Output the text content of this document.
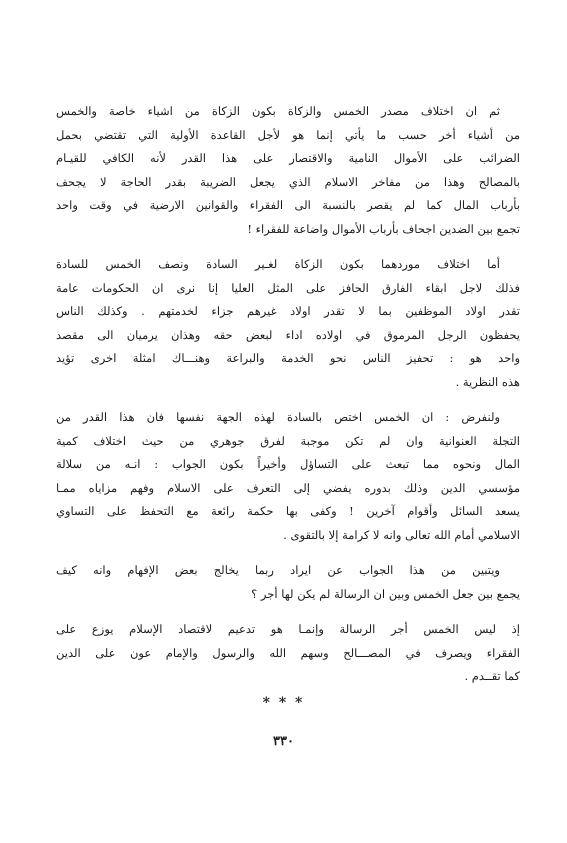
ثم ان اختلاف مصدر الخمس والزكاة بكون الزكاة من اشياء خاصة والخمس
من أشياء أخر حسب ما يأتي إنما هو لأجل القاعدة الأولية التي تقتضي بحمل
الضرائب على الأموال النامية والاقتصار على هذا القدر لأنه الكافي للقيـام
بالمصالح وهذا من مفاخر الاسلام الذي يجعل الضريبة بقدر الحاجة لا يجحف
بأرباب المال كما لم يقصر بالنسبة الى الفقراء والقوانين الارضية في وقت واحد
تجمع بين الضدين اجحاف بأرباب الأموال واضاعة للفقراء !
أما اختلاف موردهما بكون الزكاة لغـير السادة ونصف الخمس للسادة
فذلك لاجل ابقاء الفارق الحافز على المثل العليا إنا نرى ان الحكومات عامة
تقدر اولاد الموظفين بما لا تقدر اولاد غيرهم جزاء لخدمتهم . وكذلك الناس
يحفظون الرجل المرموق في اولاده اداء لبعض حقه وهذان يرميان الى مقصد
واحد هو : تحفيز الناس نحو الخدمة والبراعة وهنـــاك امثلة اخرى تؤيد
هذه النظرية .
ولنفرض : ان الخمس اختص بالسادة لهذه الجهة نفسها فان هذا القدر من
التجلة العنوانية وان لم تكن موجبة لفرق جوهري من حيث اختلاف كمية
المال ونحوه مما تبعث على التساؤل وأخيراً بكون الجواب : انـه من سلالة
مؤسسي الدين وذلك بدوره يفضي إلى التعرف على الاسلام وفهم مزاياه ممـا
يسعد السائل وأقوام آخرين ! وكفى بها حكمة رائعة مع التحفظ على التساوي
الاسلامي أمام الله تعالى وانه لا كرامة إلا بالتقوى .
ويتبين من هذا الجواب عن ايراد ربما يخالج بعض الإفهام وانه كيف
يجمع بين جعل الخمس وبين ان الرسالة لم يكن لها أجر ؟
إذ ليس الخمس أجر الرسالة وإنمـا هو تدعيم لاقتصاد الإسلام يوزع على
الفقراء ويصرف في المصـــالح وسهم الله والرسول والإمام عون على الدين
كما تقــدم .
* * *
٣٣٠
